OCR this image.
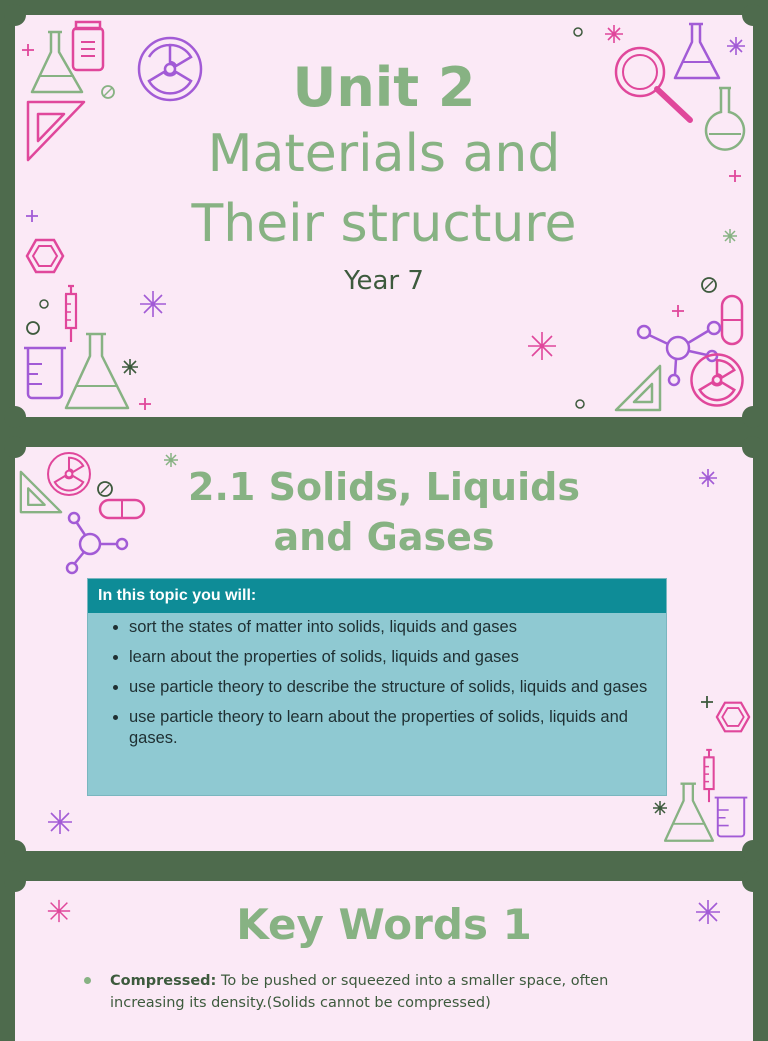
Unit 2
Materials and
Their structure
Year 7
2.1 Solids, Liquids
and Gases
In this topic you will:
• sort the states of matter into solids, liquids and gases
• learn about the properties of solids, liquids and gases
• use particle theory to describe the structure of solids, liquids and gases
• use particle theory to learn about the properties of solids, liquids and gases.
Key Words 1
Compressed: To be pushed or squeezed into a smaller space, often increasing its density.(Solids cannot be compressed)
